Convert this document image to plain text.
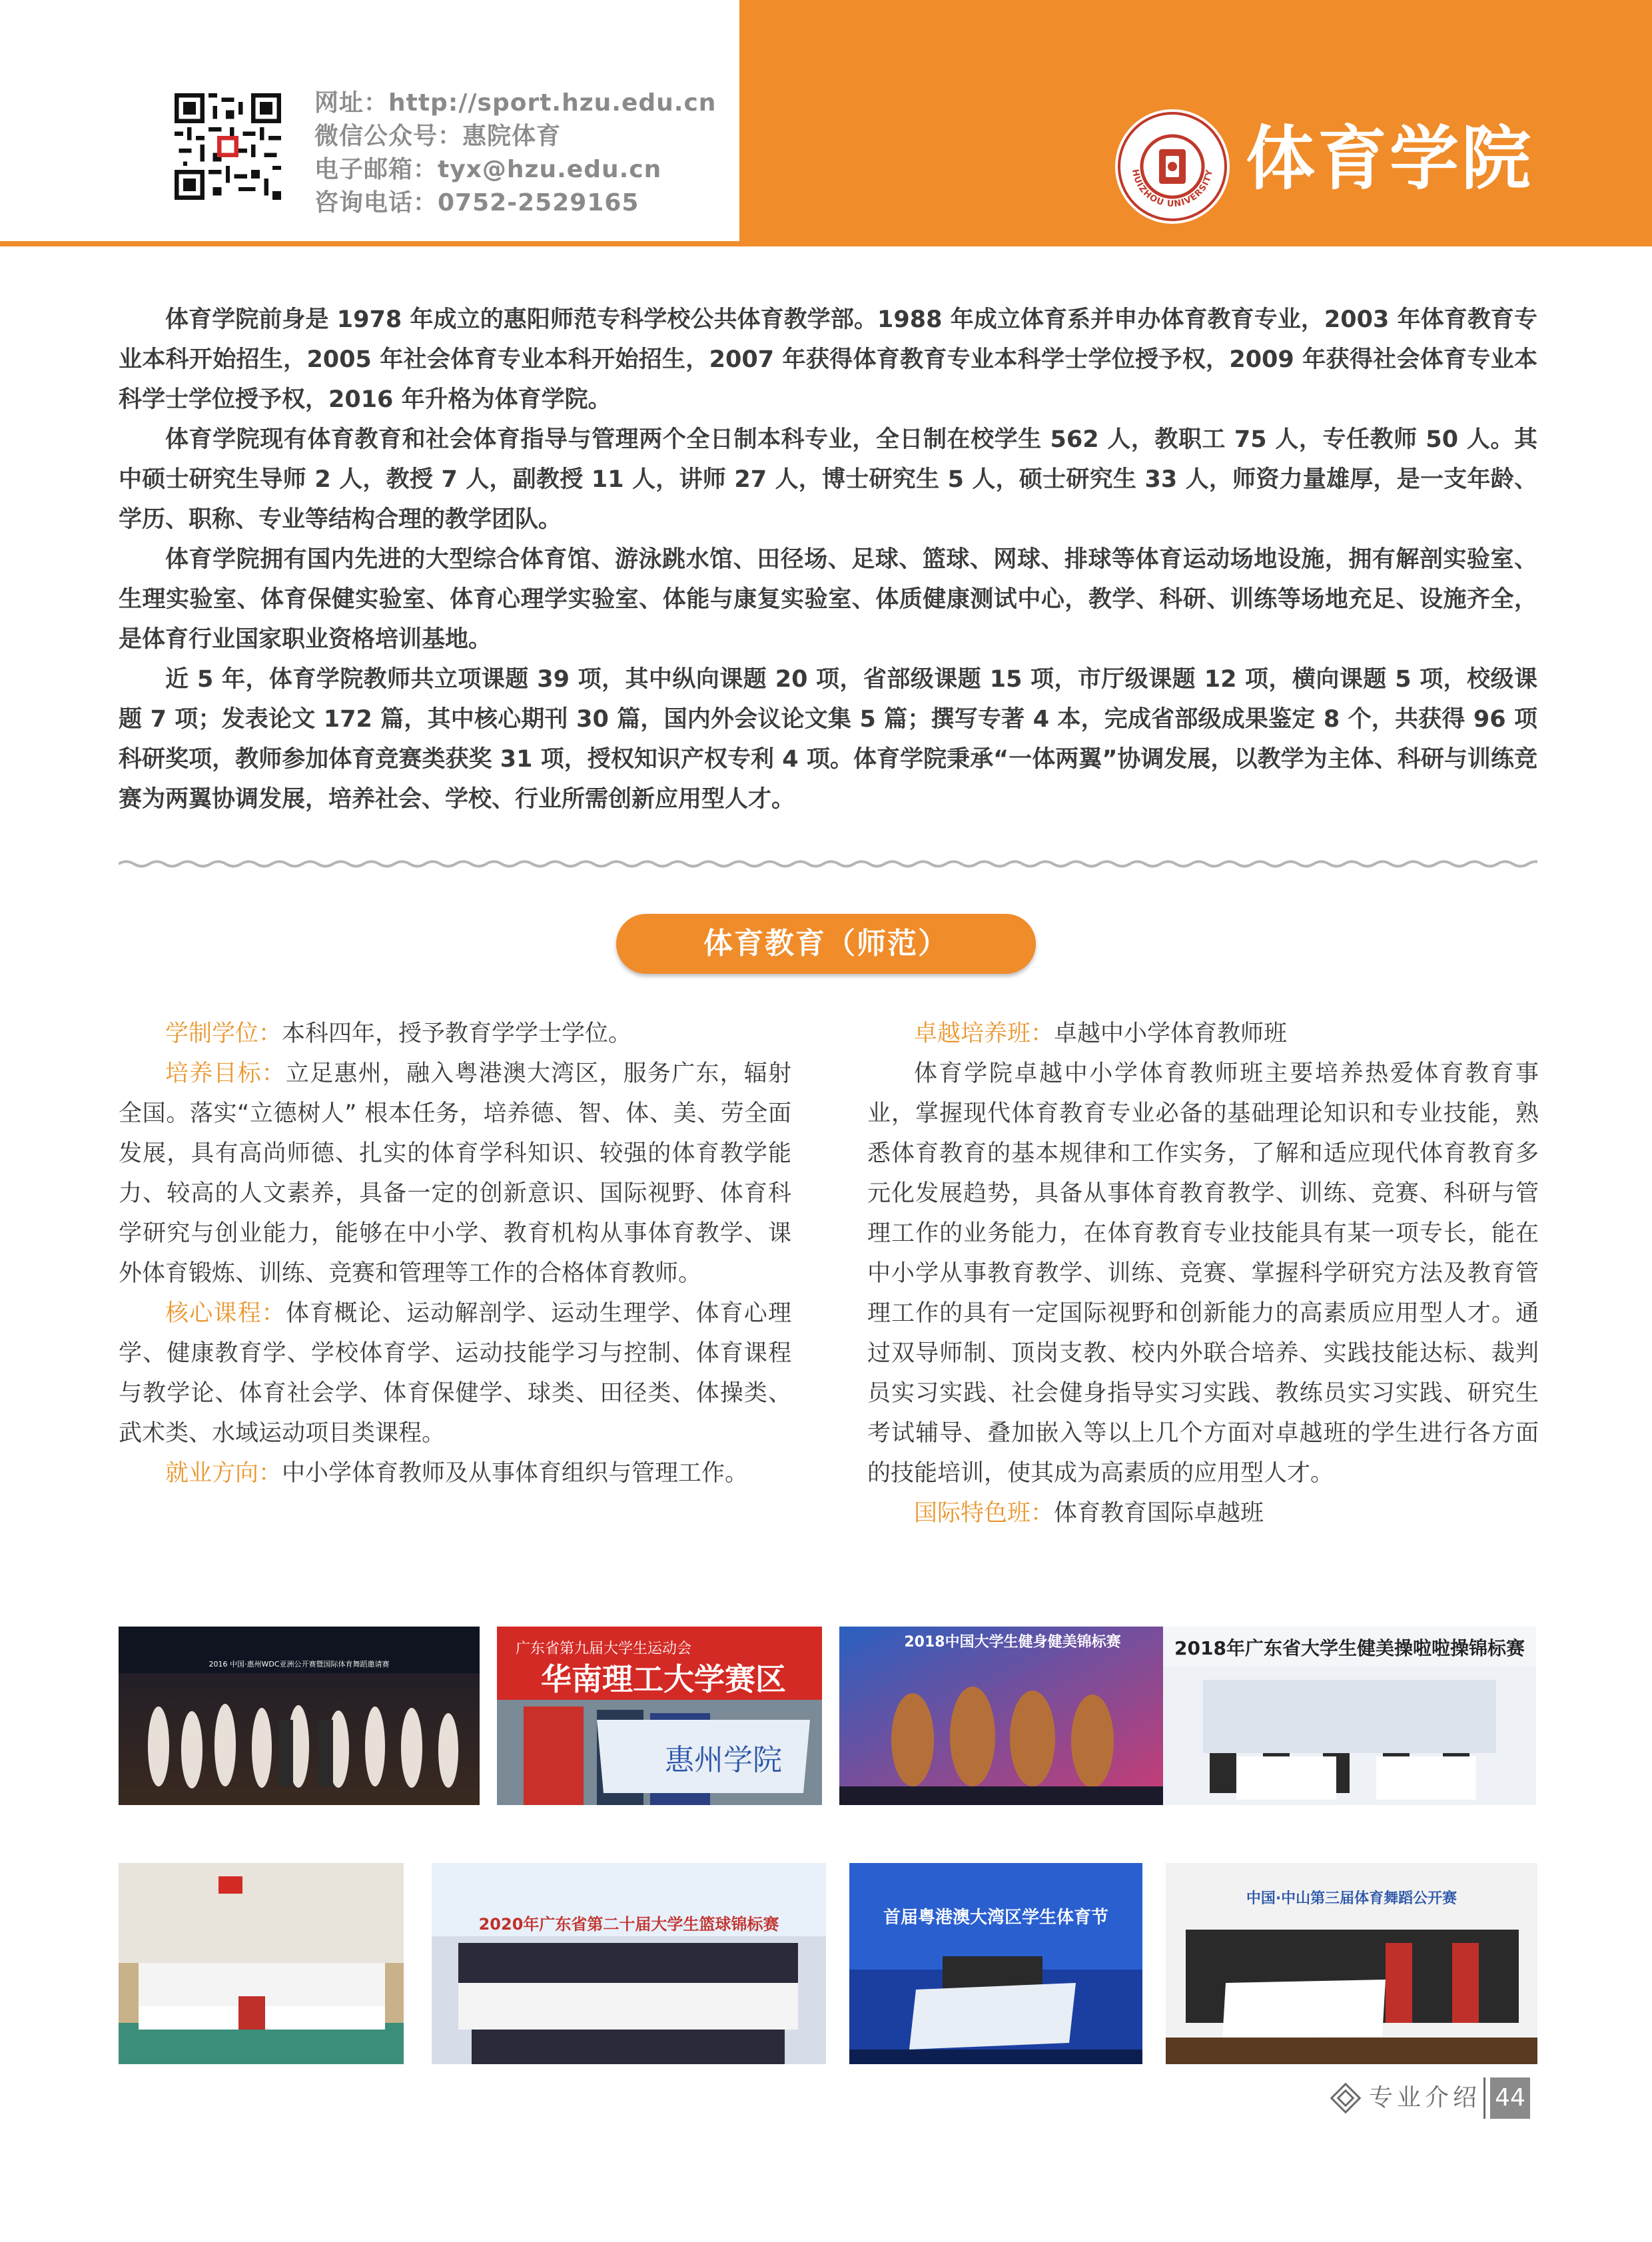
网址：http://sport.hzu.edu.cn
微信公众号：惠院体育
电子邮箱：tyx@hzu.edu.cn
咨询电话：0752-2529165
HUIZHOU UNIVERSITY 体育学院

体育学院前身是 1978 年成立的惠阳师范专科学校公共体育教学部。1988 年成立体育系并申办体育教育专业，2003 年体育教育专业本科开始招生，2005 年社会体育专业本科开始招生，2007 年获得体育教育专业本科学士学位授予权，2009 年获得社会体育专业本科学士学位授予权，2016 年升格为体育学院。

体育学院现有体育教育和社会体育指导与管理两个全日制本科专业，全日制在校学生 562 人，教职工 75 人，专任教师 50 人。其中硕士研究生导师 2 人，教授 7 人，副教授 11 人，讲师 27 人，博士研究生 5 人，硕士研究生 33 人，师资力量雄厚，是一支年龄、学历、职称、专业等结构合理的教学团队。

体育学院拥有国内先进的大型综合体育馆、游泳跳水馆、田径场、足球、篮球、网球、排球等体育运动场地设施，拥有解剖实验室、生理实验室、体育保健实验室、体育心理学实验室、体能与康复实验室、体质健康测试中心，教学、科研、训练等场地充足、设施齐全，是体育行业国家职业资格培训基地。

近 5 年，体育学院教师共立项课题 39 项，其中纵向课题 20 项，省部级课题 15 项，市厅级课题 12 项，横向课题 5 项，校级课题 7 项；发表论文 172 篇，其中核心期刊 30 篇，国内外会议论文集 5 篇；撰写专著 4 本，完成省部级成果鉴定 8 个，共获得 96 项科研奖项，教师参加体育竞赛类获奖 31 项，授权知识产权专利 4 项。体育学院秉承“一体两翼”协调发展，以教学为主体、科研与训练竞赛为两翼协调发展，培养社会、学校、行业所需创新应用型人才。

体育教育（师范）

学制学位：本科四年，授予教育学学士学位。

培养目标：立足惠州，融入粤港澳大湾区，服务广东，辐射全国。落实“立德树人” 根本任务，培养德、智、体、美、劳全面发展，具有高尚师德、扎实的体育学科知识、较强的体育教学能力、较高的人文素养，具备一定的创新意识、国际视野、体育科学研究与创业能力，能够在中小学、教育机构从事体育教学、课外体育锻炼、训练、竞赛和管理等工作的合格体育教师。

核心课程：体育概论、运动解剖学、运动生理学、体育心理学、健康教育学、学校体育学、运动技能学习与控制、体育课程与教学论、体育社会学、体育保健学、球类、田径类、体操类、武术类、水域运动项目类课程。

就业方向：中小学体育教师及从事体育组织与管理工作。

卓越培养班：卓越中小学体育教师班

体育学院卓越中小学体育教师班主要培养热爱体育教育事业，掌握现代体育教育专业必备的基础理论知识和专业技能，熟悉体育教育的基本规律和工作实务，了解和适应现代体育教育多元化发展趋势，具备从事体育教育教学、训练、竞赛、科研与管理工作的业务能力，在体育教育专业技能具有某一项专长，能在中小学从事教育教学、训练、竞赛、掌握科学研究方法及教育管理工作的具有一定国际视野和创新能力的高素质应用型人才。通过双导师制、顶岗支教、校内外联合培养、实践技能达标、裁判员实习实践、社会健身指导实习实践、教练员实习实践、研究生考试辅导、叠加嵌入等以上几个方面对卓越班的学生进行各方面的技能培训，使其成为高素质的应用型人才。

国际特色班：体育教育国际卓越班

2016 中国·惠州WDC亚洲公开赛暨国际体育舞蹈邀请赛
广东省第九届大学生运动会
华南理工大学赛区
惠州学院
2018中国大学生健身健美锦标赛	2018年广东省大学生健美操啦啦操锦标赛
2020年广东省第二十届大学生篮球锦标赛	首届粤港澳大湾区学生体育节
中国·中山第三届体育舞蹈公开赛
专业介绍 44
